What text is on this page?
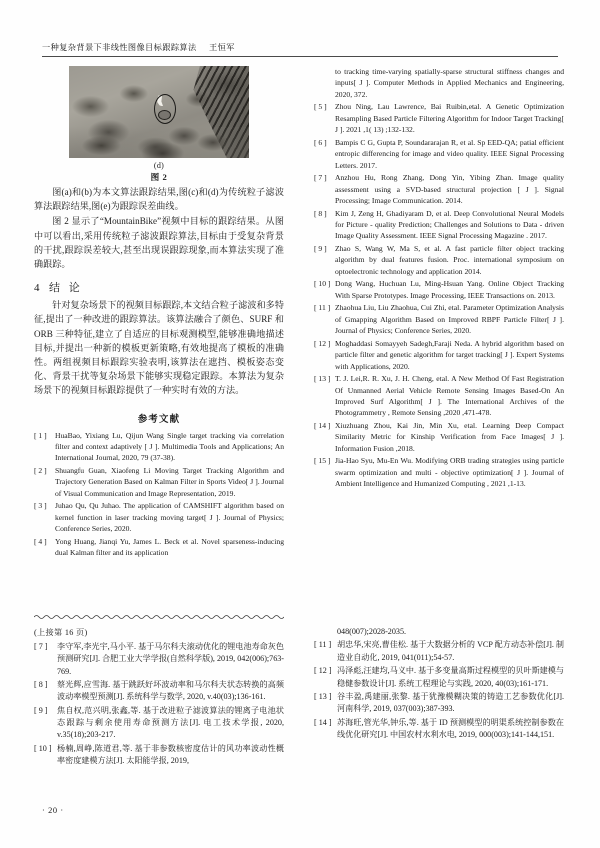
一种复杂背景下非线性图像目标跟踪算法 王恒军
(d)
图 2

图(a)和(b)为本文算法跟踪结果,图(c)和(d)为传统粒子滤波算法跟踪结果,图(e)为跟踪误差曲线。

图 2 显示了“MountainBike”视频中目标的跟踪结果。从图中可以看出,采用传统粒子滤波跟踪算法,目标由于受复杂背景的干扰,跟踪误差较大,甚至出现误跟踪现象,而本算法实现了准确跟踪。

4 结 论

针对复杂场景下的视频目标跟踪,本文结合粒子滤波和多特征,提出了一种改进的跟踪算法。该算法融合了颜色、SURF 和 ORB 三种特征,建立了自适应的目标观测模型,能够准确地描述目标,并提出一种新的模板更新策略,有效地提高了模板的准确性。两组视频目标跟踪实验表明,该算法在遮挡、模板姿态变化、背景干扰等复杂场景下能够实现稳定跟踪。本算法为复杂场景下的视频目标跟踪提供了一种实时有效的方法。

参考文献
[ 1 ]	HuaBao, Yixiang Lu, Qijun Wang Single target tracking via correlation filter and context adaptively [ J ]. Multimedia Tools and Applications; An International Journal, 2020, 79 (37-38).
[ 2 ]	Shuangfu Guan, Xiaofeng Li Moving Target Tracking Algorithm and Trajectory Generation Based on Kalman Filter in Sports Video[ J ]. Journal of Visual Communication and Image Representation, 2019.
[ 3 ]	Juhao Qu, Qu Juhao. The application of CAMSHIFT algorithm based on kernel function in laser tracking moving target[ J ]. Journal of Physics; Conference Series, 2020.
[ 4 ]	Yong Huang, Jianqi Yu, James L. Beck et al. Novel sparseness-inducing dual Kalman filter and its application
to tracking time-varying spatially-sparse structural stiffness changes and inputs[ J ]. Computer Methods in Applied Mechanics and Engineering, 2020, 372.
[ 5 ]	Zhou Ning, Lau Lawrence, Bai Ruibin,etal. A Genetic Optimization Resampling Based Particle Filtering Algorithm for Indoor Target Tracking[ J ]. 2021 ,1( 13) ;132-132.
[ 6 ]	Bampis C G, Gupta P, Soundararajan R, et al. Sp EED-QA; patial efficient entropic differencing for image and video quality. IEEE Signal Processing Letters. 2017.
[ 7 ]	Anzhou Hu, Rong Zhang, Dong Yin, Yibing Zhan. Image quality assessment using a SVD-based structural projection [ J ]. Signal Processing; Image Communication. 2014.
[ 8 ]	Kim J, Zeng H, Ghadiyaram D, et al. Deep Convolutional Neural Models for Picture - quality Prediction; Challenges and Solutions to Data - driven Image Quality Assessment. IEEE Signal Processing Magazine . 2017.
[ 9 ]	Zhao S, Wang W, Ma S, et al. A fast particle filter object tracking algorithm by dual features fusion. Proc. international symposium on optoelectronic technology and application 2014.
[ 10 ] Dong Wang, Huchuan Lu, Ming-Hsuan Yang. Online Object Tracking With Sparse Prototypes. Image Processing, IEEE Transactions on. 2013.
[ 11 ] Zhaohua Liu, Liu Zhaohua, Cui Zhi, etal. Parameter Optimization Analysis of Gmapping Algorithm Based on Improved RBPF Particle Filter[ J ]. Journal of Physics; Conference Series, 2020.
[ 12 ] Moghaddasi Somayyeh Sadegh,Faraji Neda. A hybrid algorithm based on particle filter and genetic algorithm for target tracking[ J ]. Expert Systems with Applications, 2020.
[ 13 ] T. J. Lei,R. R. Xu, J. H. Cheng, etal. A New Method Of Fast Registration Of Unmanned Aerial Vehicle Remote Sensing Images Based-On An Improved Surf Algorithm[ J ]. The International Archives of the Photogrammetry , Remote Sensing ,2020 ,471-478.
[ 14 ] Xiuzhuang Zhou, Kai Jin, Min Xu, etal. Learning Deep Compact Similarity Metric for Kinship Verification from Face Images[ J ]. Information Fusion ,2018.
[ 15 ] Jia-Hao Syu, Mu-En Wu. Modifying ORB trading strategies using particle swarm optimization and multi - objective optimization[ J ]. Journal of Ambient Intelligence and Humanized Computing , 2021 ,1-13.
(上接第 16 页)
[ 7 ]	李守军,李光宇,马小平. 基于马尔科夫滚动优化的锂电池寿命灰色预测研究[J]. 合肥工业大学学报(自然科学版), 2019, 042(006);763-769.
[ 8 ]	蔡光辉,应雪海. 基于跳跃好坏波动率和马尔科夫状态转换的高频波动率模型预测[J]. 系统科学与数学, 2020, v.40(03);136-161.
[ 9 ]	焦自权,范兴明,张鑫,等. 基于改进粒子滤波算法的锂离子电池状态跟踪与剩余使用寿命预测方法[J]. 电工技术学报, 2020, v.35(18);203-217.
[ 10 ] 杨楠,周峥,陈道君,等. 基于非参数核密度估计的风功率波动性概率密度建模方法[J]. 太阳能学报, 2019,
048(007);2028-2035.
[ 11 ] 胡忠华,宋亮,曹佳松. 基于大数据分析的 VCP 配方动态补偿[J]. 制造业自动化, 2019, 041(011);54-57.
[ 12 ] 冯泽彪,汪建均,马义中. 基于多变量高斯过程模型的贝叶斯建模与稳健参数设计[J]. 系统工程理论与实践, 2020, 40(03);161-171.
[ 13 ] 谷丰盈,禹建丽,张黎. 基于犹豫模糊决策的铸造工艺参数优化[J]. 河南科学, 2019, 037(003);387-393.
[ 14 ] 苏海旺,管光华,钟乐,等. 基于 ID 预测模型的明渠系统控制参数在线优化研究[J]. 中国农村水利水电, 2019, 000(003);141-144,151.
· 20 ·
